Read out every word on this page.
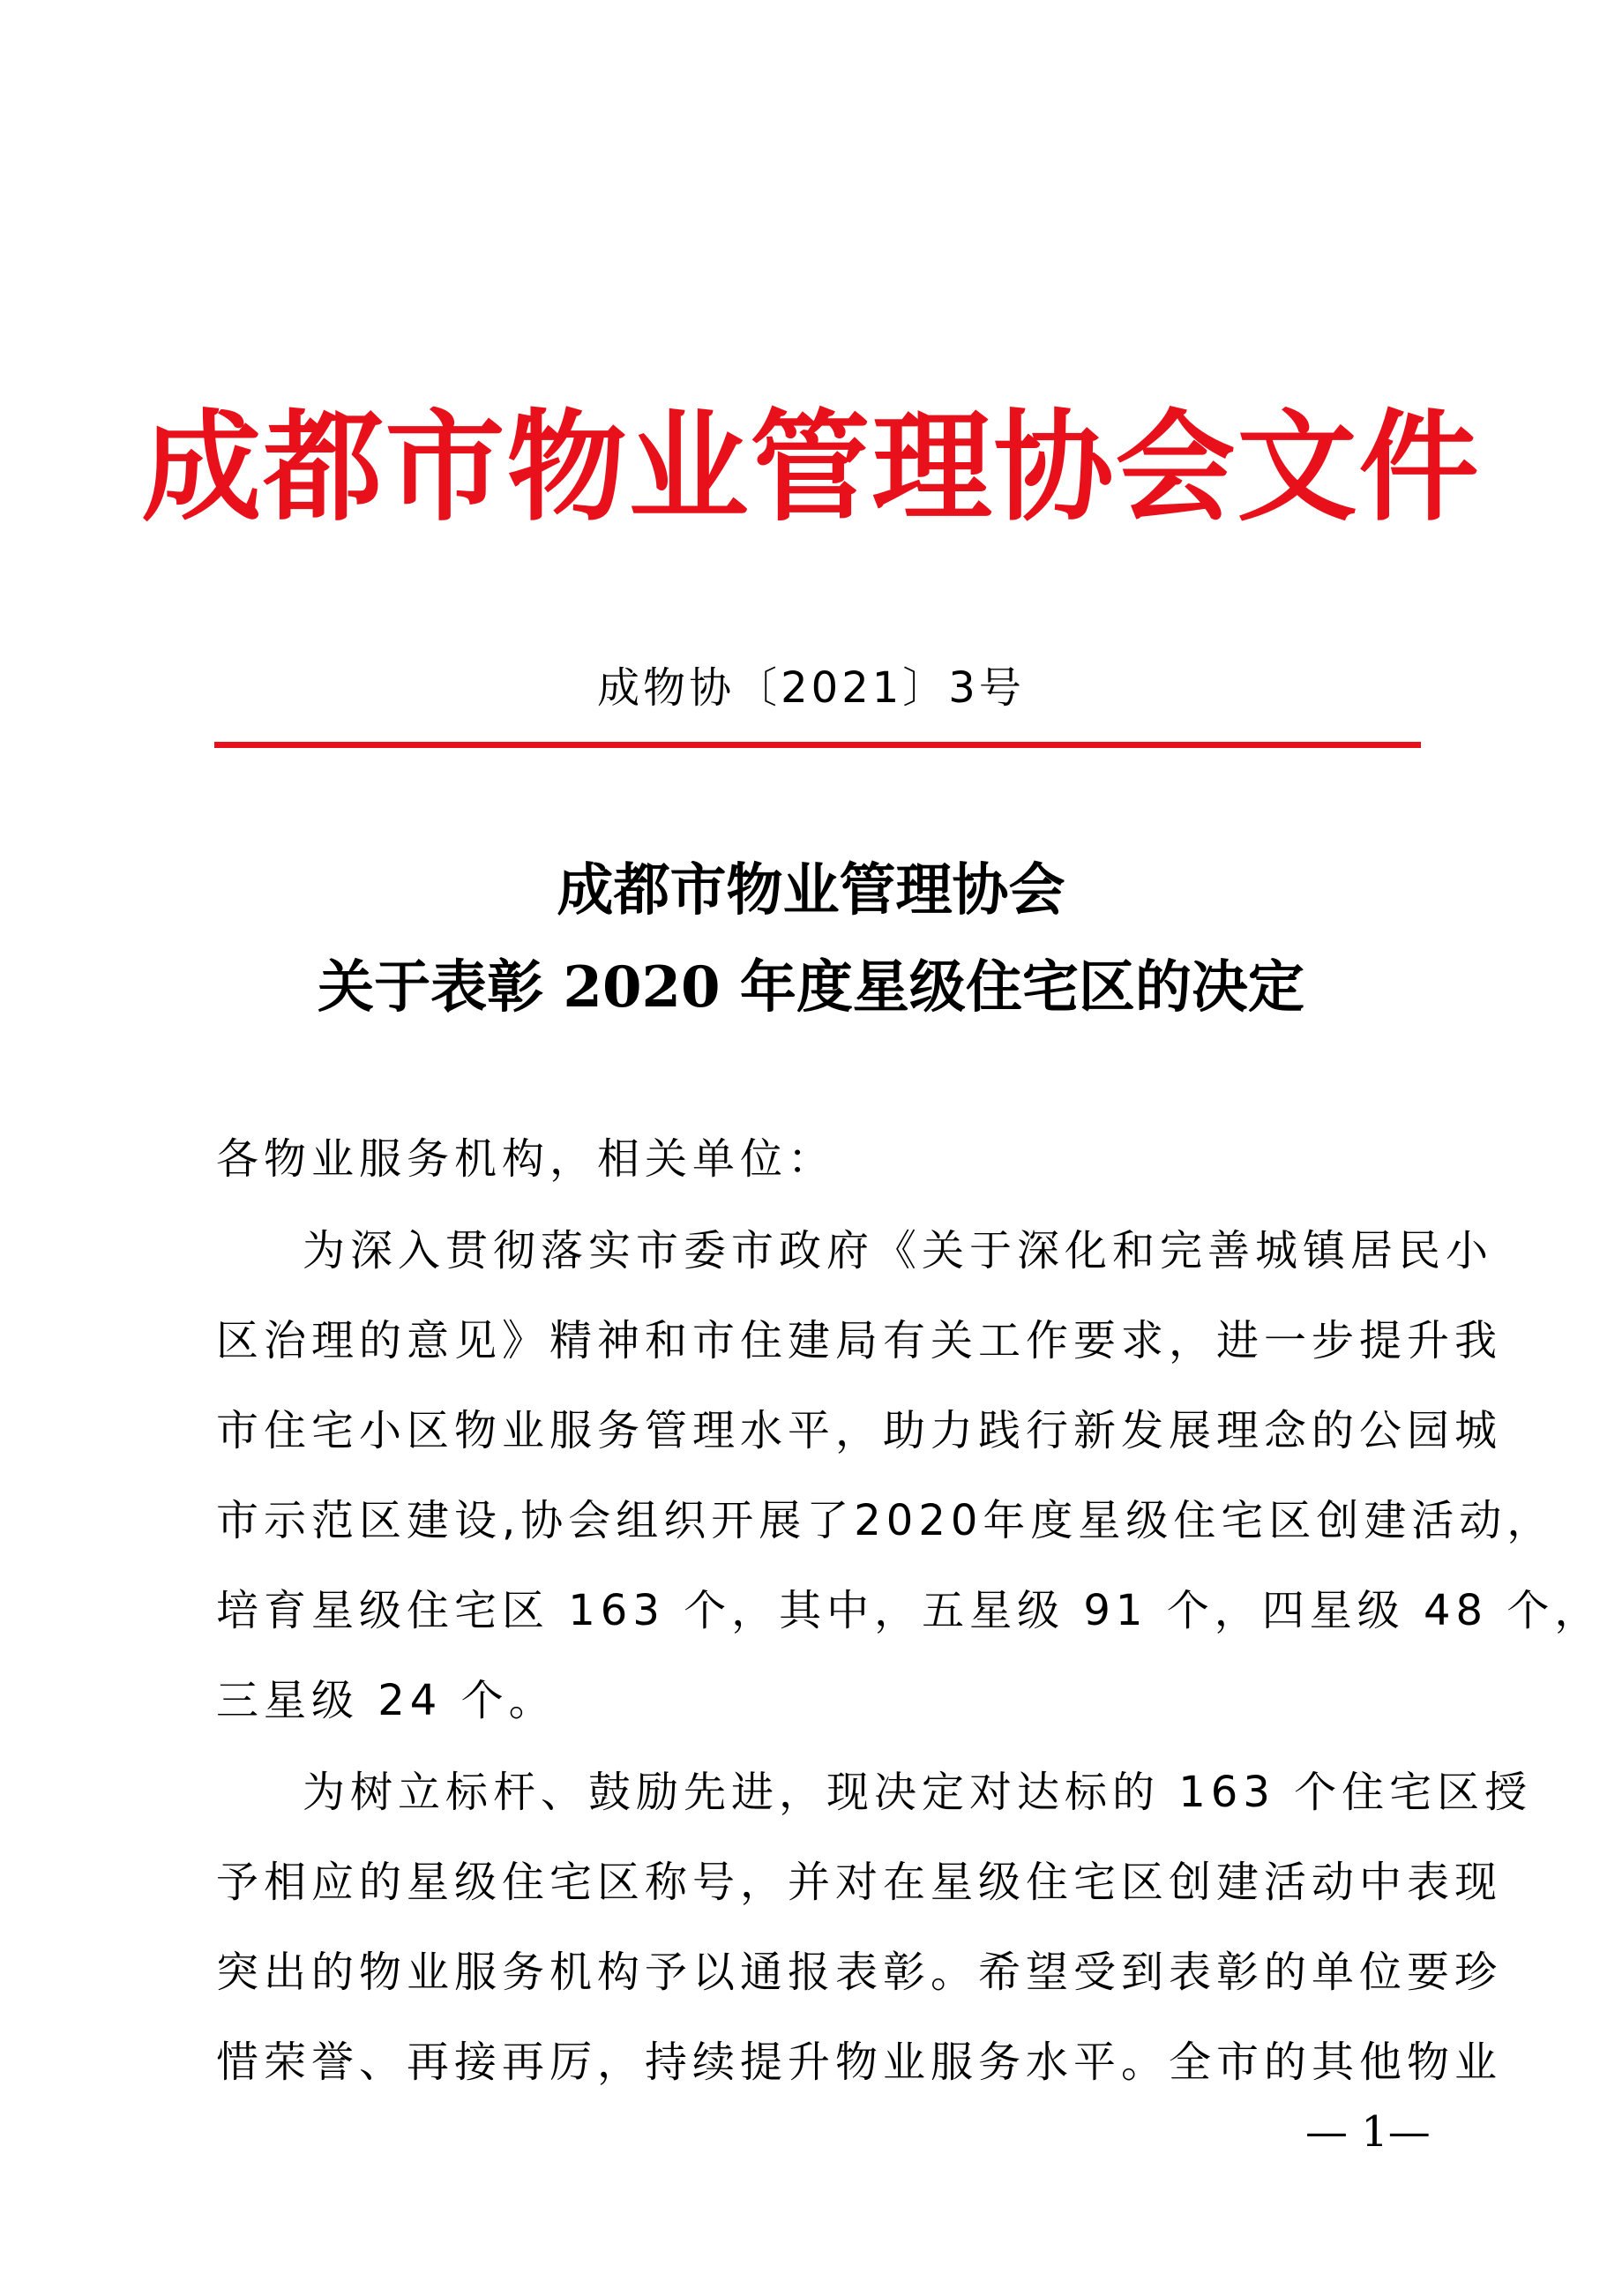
成都市物业管理协会文件
成物协〔2021〕3号
成都市物业管理协会
关于表彰 2020 年度星级住宅区的决定
各物业服务机构，相关单位：
为深入贯彻落实市委市政府《关于深化和完善城镇居民小
区治理的意见》精神和市住建局有关工作要求，进一步提升我
市住宅小区物业服务管理水平，助力践行新发展理念的公园城
市示范区建设,协会组织开展了2020年度星级住宅区创建活动，
培育星级住宅区 163 个，其中，五星级 91 个，四星级 48 个，
三星级 24 个。
为树立标杆、鼓励先进，现决定对达标的 163 个住宅区授
予相应的星级住宅区称号，并对在星级住宅区创建活动中表现
突出的物业服务机构予以通报表彰。希望受到表彰的单位要珍
惜荣誉、再接再厉，持续提升物业服务水平。全市的其他物业
— 1—
